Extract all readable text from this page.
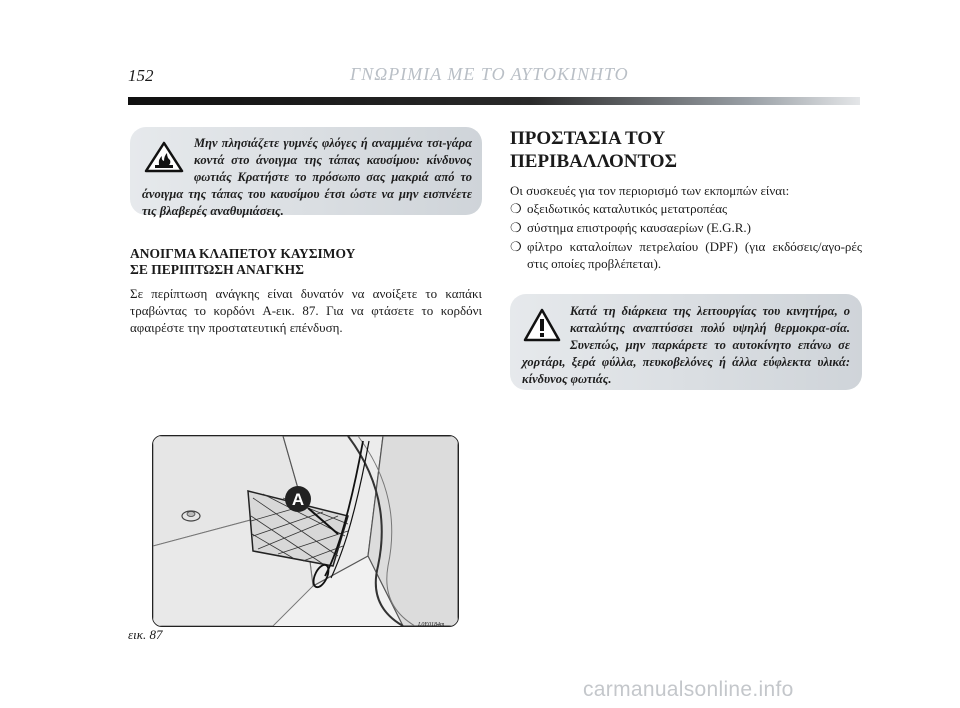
152	ΓΝΩΡΙΜΙΑ ΜΕ ΤΟ ΑΥΤΟΚΙΝΗΤΟ
Μην πλησιάζετε γυμνές φλόγες ή αναμμένα τσι-γάρα κοντά στο άνοιγμα της τάπας καυσίμου: κίνδυνος φωτιάς Κρατήστε το πρόσωπο σας μακριά από το άνοιγμα της τάπας του καυσίμου έτσι ώστε να μην εισπνέετε τις βλαβερές αναθυμιάσεις.
ΑΝΟΙΓΜΑ ΚΛΑΠΕΤΟΥ ΚΑΥΣΙΜΟΥ
ΣΕ ΠΕΡΙΠΤΩΣΗ ΑΝΑΓΚΗΣ
Σε περίπτωση ανάγκης είναι δυνατόν να ανοίξετε το καπάκι τραβώντας το κορδόνι A-εικ. 87. Για να φτάσετε το κορδόνι αφαιρέστε την προστατευτική επένδυση.
A
εικ. 87
L0E0184m
ΠΡΟΣΤΑΣΙΑ ΤΟΥ
ΠΕΡΙΒΑΛΛΟΝΤΟΣ
Οι συσκευές για τον περιορισμό των εκπομπών είναι:
❍ οξειδωτικός καταλυτικός μετατροπέας
❍ σύστημα επιστροφής καυσαερίων (E.G.R.)
❍ φίλτρο καταλοίπων πετρελαίου (DPF) (για εκδόσεις/αγο-ρές στις οποίες προβλέπεται).
Κατά τη διάρκεια της λειτουργίας του κινητήρα, ο καταλύτης αναπτύσσει πολύ υψηλή θερμοκρα-σία. Συνεπώς, μην παρκάρετε το αυτοκίνητο επάνω σε χορτάρι, ξερά φύλλα, πευκοβελόνες ή άλλα εύφλεκτα υλικά: κίνδυνος φωτιάς.
carmanualsonline.info
